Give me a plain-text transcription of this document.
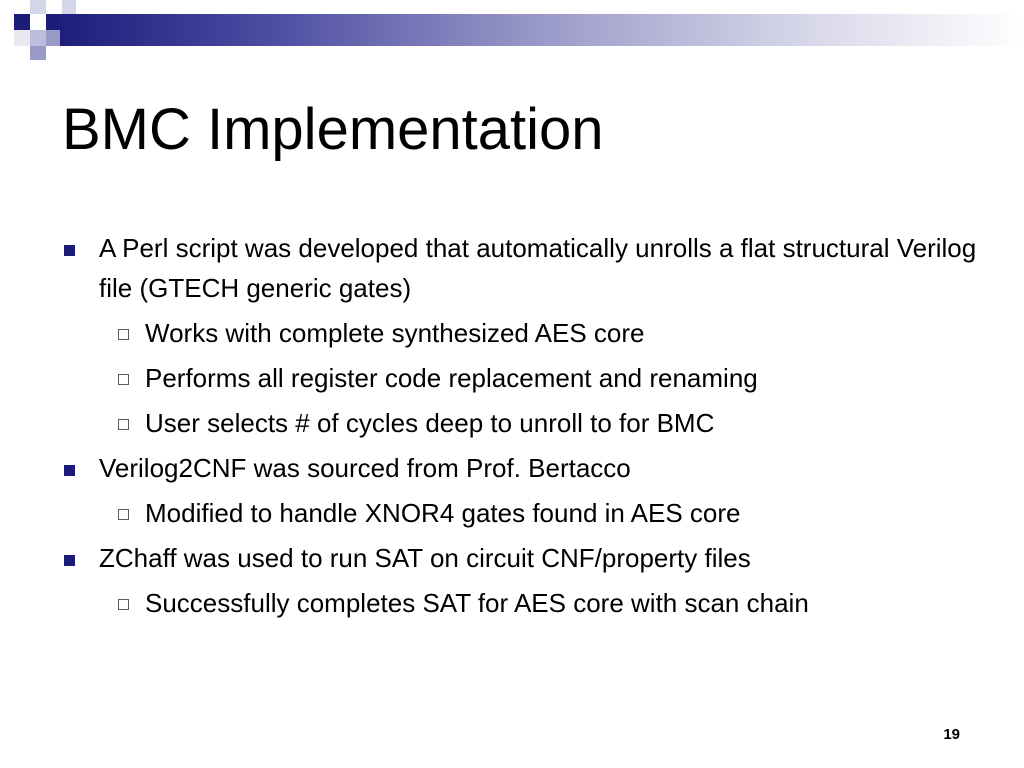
BMC Implementation
A Perl script was developed that automatically unrolls a flat structural Verilog file (GTECH generic gates)
Works with complete synthesized AES core
Performs all register code replacement and renaming
User selects # of cycles deep to unroll to for BMC
Verilog2CNF was sourced from Prof. Bertacco
Modified to handle XNOR4 gates found in AES core
ZChaff was used to run SAT on circuit CNF/property files
Successfully completes SAT for AES core with scan chain
19
